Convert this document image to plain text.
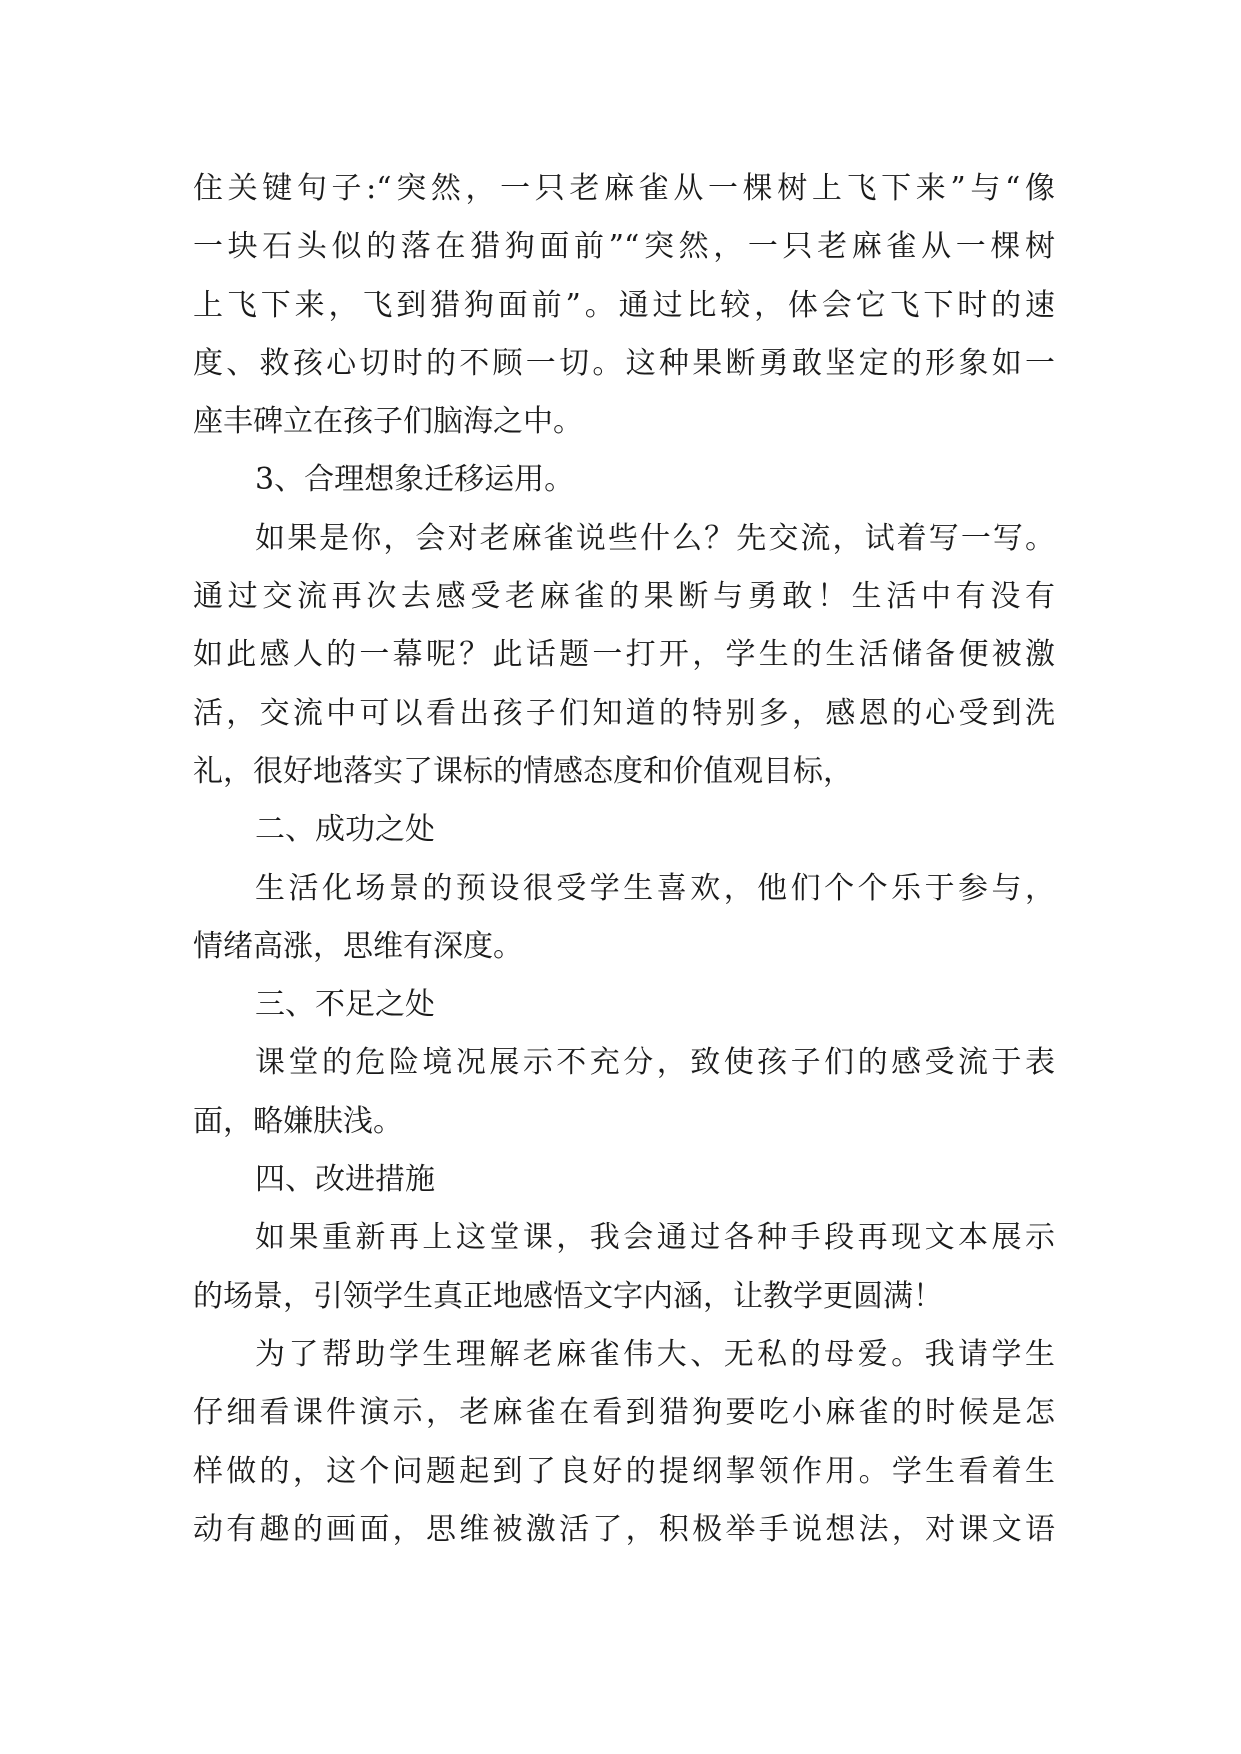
住关键句子:“突然，一只老麻雀从一棵树上飞下来”与“像
一块石头似的落在猎狗面前”“突然，一只老麻雀从一棵树
上飞下来，飞到猎狗面前”。通过比较，体会它飞下时的速
度、救孩心切时的不顾一切。这种果断勇敢坚定的形象如一
座丰碑立在孩子们脑海之中。
3、合理想象迁移运用。
如果是你，会对老麻雀说些什么？先交流，试着写一写。
通过交流再次去感受老麻雀的果断与勇敢！生活中有没有
如此感人的一幕呢？此话题一打开，学生的生活储备便被激
活，交流中可以看出孩子们知道的特别多，感恩的心受到洗
礼，很好地落实了课标的情感态度和价值观目标，
二、成功之处
生活化场景的预设很受学生喜欢，他们个个乐于参与，
情绪高涨，思维有深度。
三、不足之处
课堂的危险境况展示不充分，致使孩子们的感受流于表
面，略嫌肤浅。
四、改进措施
如果重新再上这堂课，我会通过各种手段再现文本展示
的场景，引领学生真正地感悟文字内涵，让教学更圆满！
为了帮助学生理解老麻雀伟大、无私的母爱。我请学生
仔细看课件演示，老麻雀在看到猎狗要吃小麻雀的时候是怎
样做的，这个问题起到了良好的提纲挈领作用。学生看着生
动有趣的画面，思维被激活了，积极举手说想法，对课文语
